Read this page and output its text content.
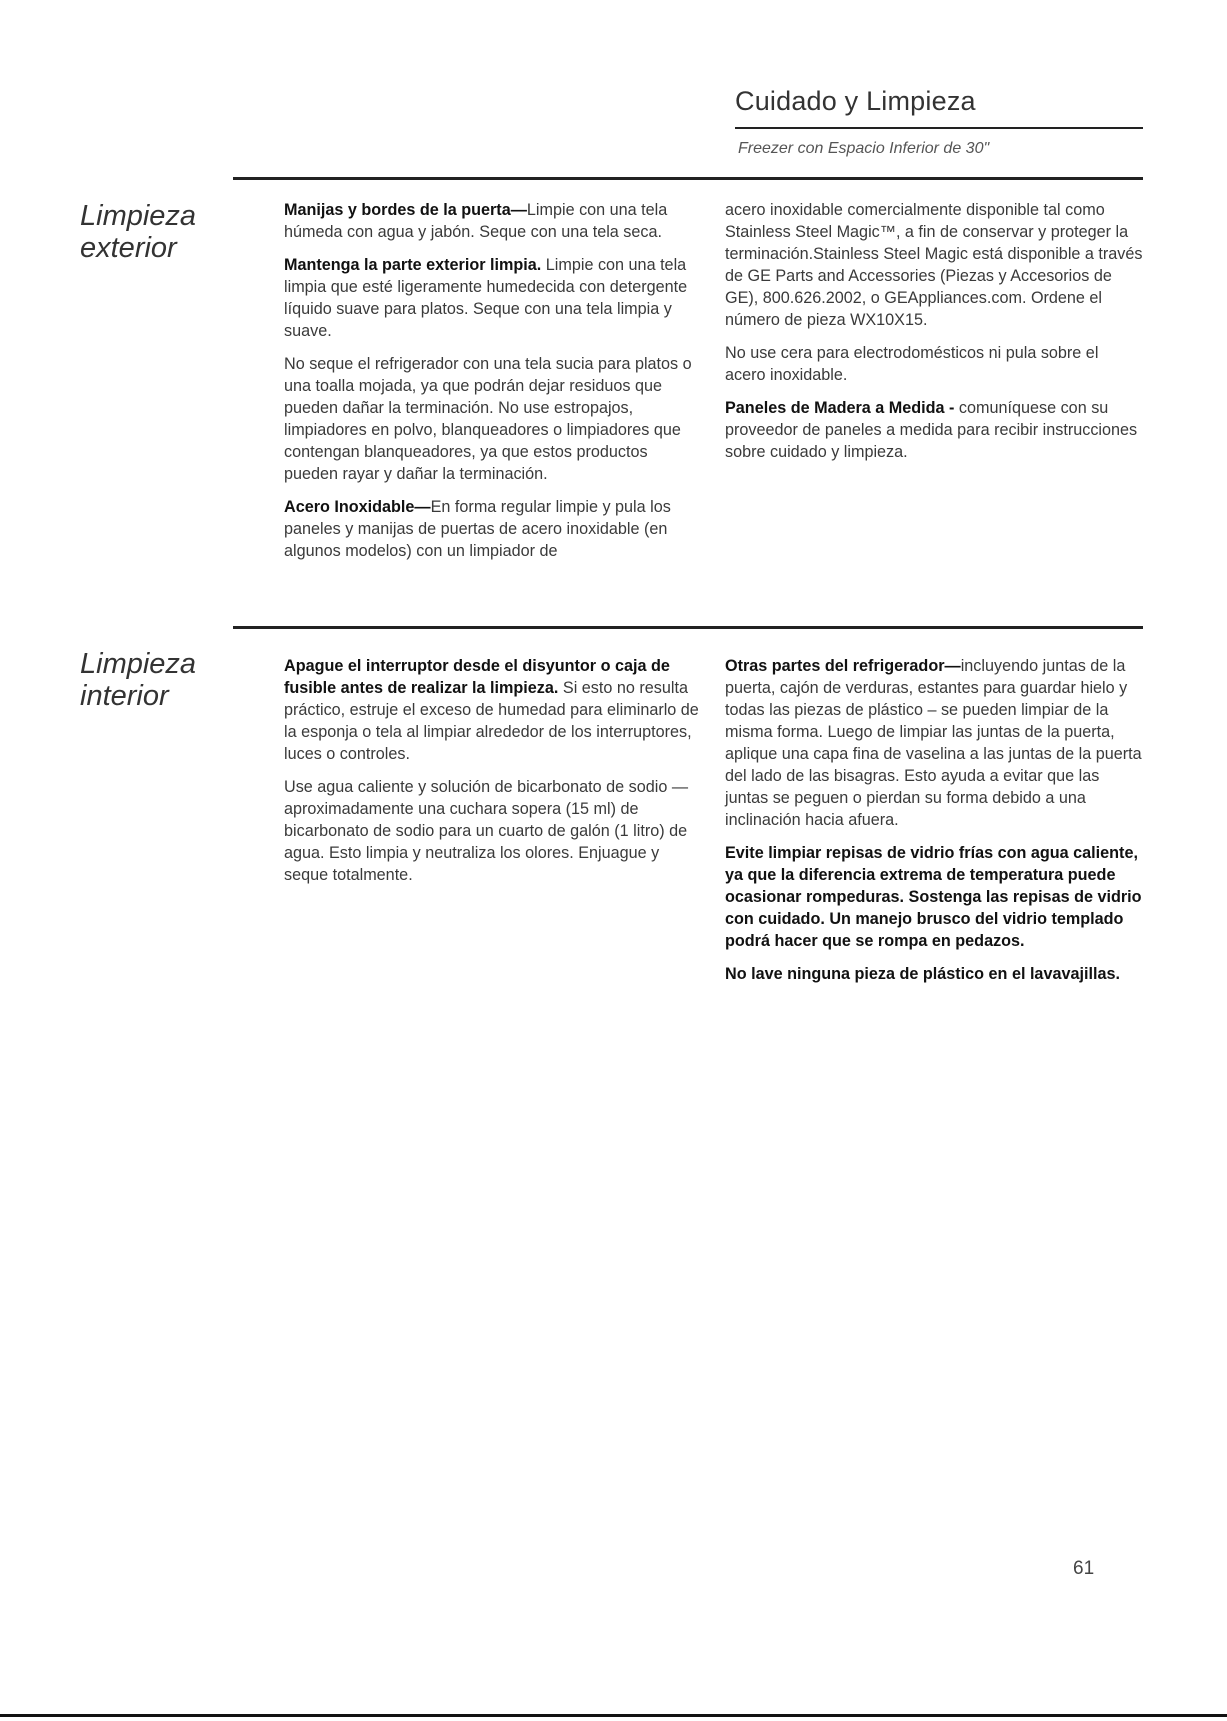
Cuidado y Limpieza
Freezer con Espacio Inferior de 30"
Limpieza
exterior

Manijas y bordes de la puerta—Limpie con una tela húmeda con agua y jabón. Seque con una tela seca.

Mantenga la parte exterior limpia. Limpie con una tela limpia que esté ligeramente humedecida con detergente líquido suave para platos. Seque con una tela limpia y suave.

No seque el refrigerador con una tela sucia para platos o una toalla mojada, ya que podrán dejar residuos que pueden dañar la terminación. No use estropajos, limpiadores en polvo, blanqueadores o limpiadores que contengan blanqueadores, ya que estos productos pueden rayar y dañar la terminación.

Acero Inoxidable—En forma regular limpie y pula los paneles y manijas de puertas de acero inoxidable (en algunos modelos) con un limpiador de

acero inoxidable comercialmente disponible tal como Stainless Steel Magic™, a fin de conservar y proteger la terminación.Stainless Steel Magic está disponible a través de GE Parts and Accessories (Piezas y Accesorios de GE), 800.626.2002, o GEAppliances.com. Ordene el número de pieza WX10X15.

No use cera para electrodomésticos ni pula sobre el acero inoxidable.

Paneles de Madera a Medida - comuníquese con su proveedor de paneles a medida para recibir instrucciones sobre cuidado y limpieza.

Limpieza
interior

Apague el interruptor desde el disyuntor o caja de fusible antes de realizar la limpieza. Si esto no resulta práctico, estruje el exceso de humedad para eliminarlo de la esponja o tela al limpiar alrededor de los interruptores, luces o controles.

Use agua caliente y solución de bicarbonato de sodio — aproximadamente una cuchara sopera (15 ml) de bicarbonato de sodio para un cuarto de galón (1 litro) de agua. Esto limpia y neutraliza los olores. Enjuague y seque totalmente.

Otras partes del refrigerador—incluyendo juntas de la puerta, cajón de verduras, estantes para guardar hielo y todas las piezas de plástico – se pueden limpiar de la misma forma. Luego de limpiar las juntas de la puerta, aplique una capa fina de vaselina a las juntas de la puerta del lado de las bisagras. Esto ayuda a evitar que las juntas se peguen o pierdan su forma debido a una inclinación hacia afuera.

Evite limpiar repisas de vidrio frías con agua caliente, ya que la diferencia extrema de temperatura puede ocasionar rompeduras. Sostenga las repisas de vidrio con cuidado. Un manejo brusco del vidrio templado podrá hacer que se rompa en pedazos.

No lave ninguna pieza de plástico en el lavavajillas.

61
